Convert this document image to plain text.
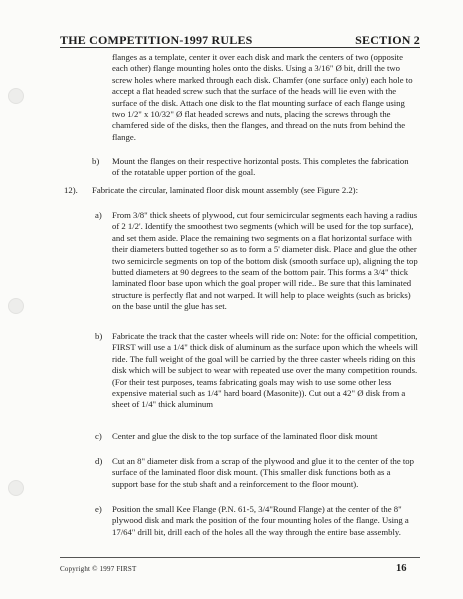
THE COMPETITION-1997 RULES	SECTION 2
flanges as a template, center it over each disk and mark the centers of two (opposite each other) flange mounting holes onto the disks. Using a 3/16" Ø bit, drill the two screw holes where marked through each disk. Chamfer (one surface only) each hole to accept a flat headed screw such that the surface of the heads will lie even with the surface of the disk. Attach one disk to the flat mounting surface of each flange using two 1/2" x 10/32" Ø flat headed screws and nuts, placing the screws through the chamfered side of the disks, then the flanges, and thread on the nuts from behind the flange.
b) Mount the flanges on their respective horizontal posts. This completes the fabrication of the rotatable upper portion of the goal.
12). Fabricate the circular, laminated floor disk mount assembly (see Figure 2.2):
a) From 3/8" thick sheets of plywood, cut four semicircular segments each having a radius of 2 1/2'. Identify the smoothest two segments (which will be used for the top surface), and set them aside. Place the remaining two segments on a flat horizontal surface with their diameters butted together so as to form a 5' diameter disk. Place and glue the other two semicircle segments on top of the bottom disk (smooth surface up), aligning the top butted diameters at 90 degrees to the seam of the bottom pair. This forms a 3/4" thick laminated floor base upon which the goal proper will ride.. Be sure that this laminated structure is perfectly flat and not warped. It will help to place weights (such as bricks) on the base until the glue has set.
b) Fabricate the track that the caster wheels will ride on: Note: for the official competition, FIRST will use a 1/4" thick disk of aluminum as the surface upon which the wheels will ride. The full weight of the goal will be carried by the three caster wheels riding on this disk which will be subject to wear with repeated use over the many competition rounds. (For their test purposes, teams fabricating goals may wish to use some other less expensive material such as 1/4" hard board (Masonite)). Cut out a 42" Ø disk from a sheet of 1/4" thick aluminum
c) Center and glue the disk to the top surface of the laminated floor disk mount
d) Cut an 8" diameter disk from a scrap of the plywood and glue it to the center of the top surface of the laminated floor disk mount. (This smaller disk functions both as a support base for the stub shaft and a reinforcement to the floor mount).
e) Position the small Kee Flange (P.N. 61-5, 3/4"Round Flange) at the center of the 8" plywood disk and mark the position of the four mounting holes of the flange. Using a 17/64" drill bit, drill each of the holes all the way through the entire base assembly.
Copyright © 1997 FIRST	16
